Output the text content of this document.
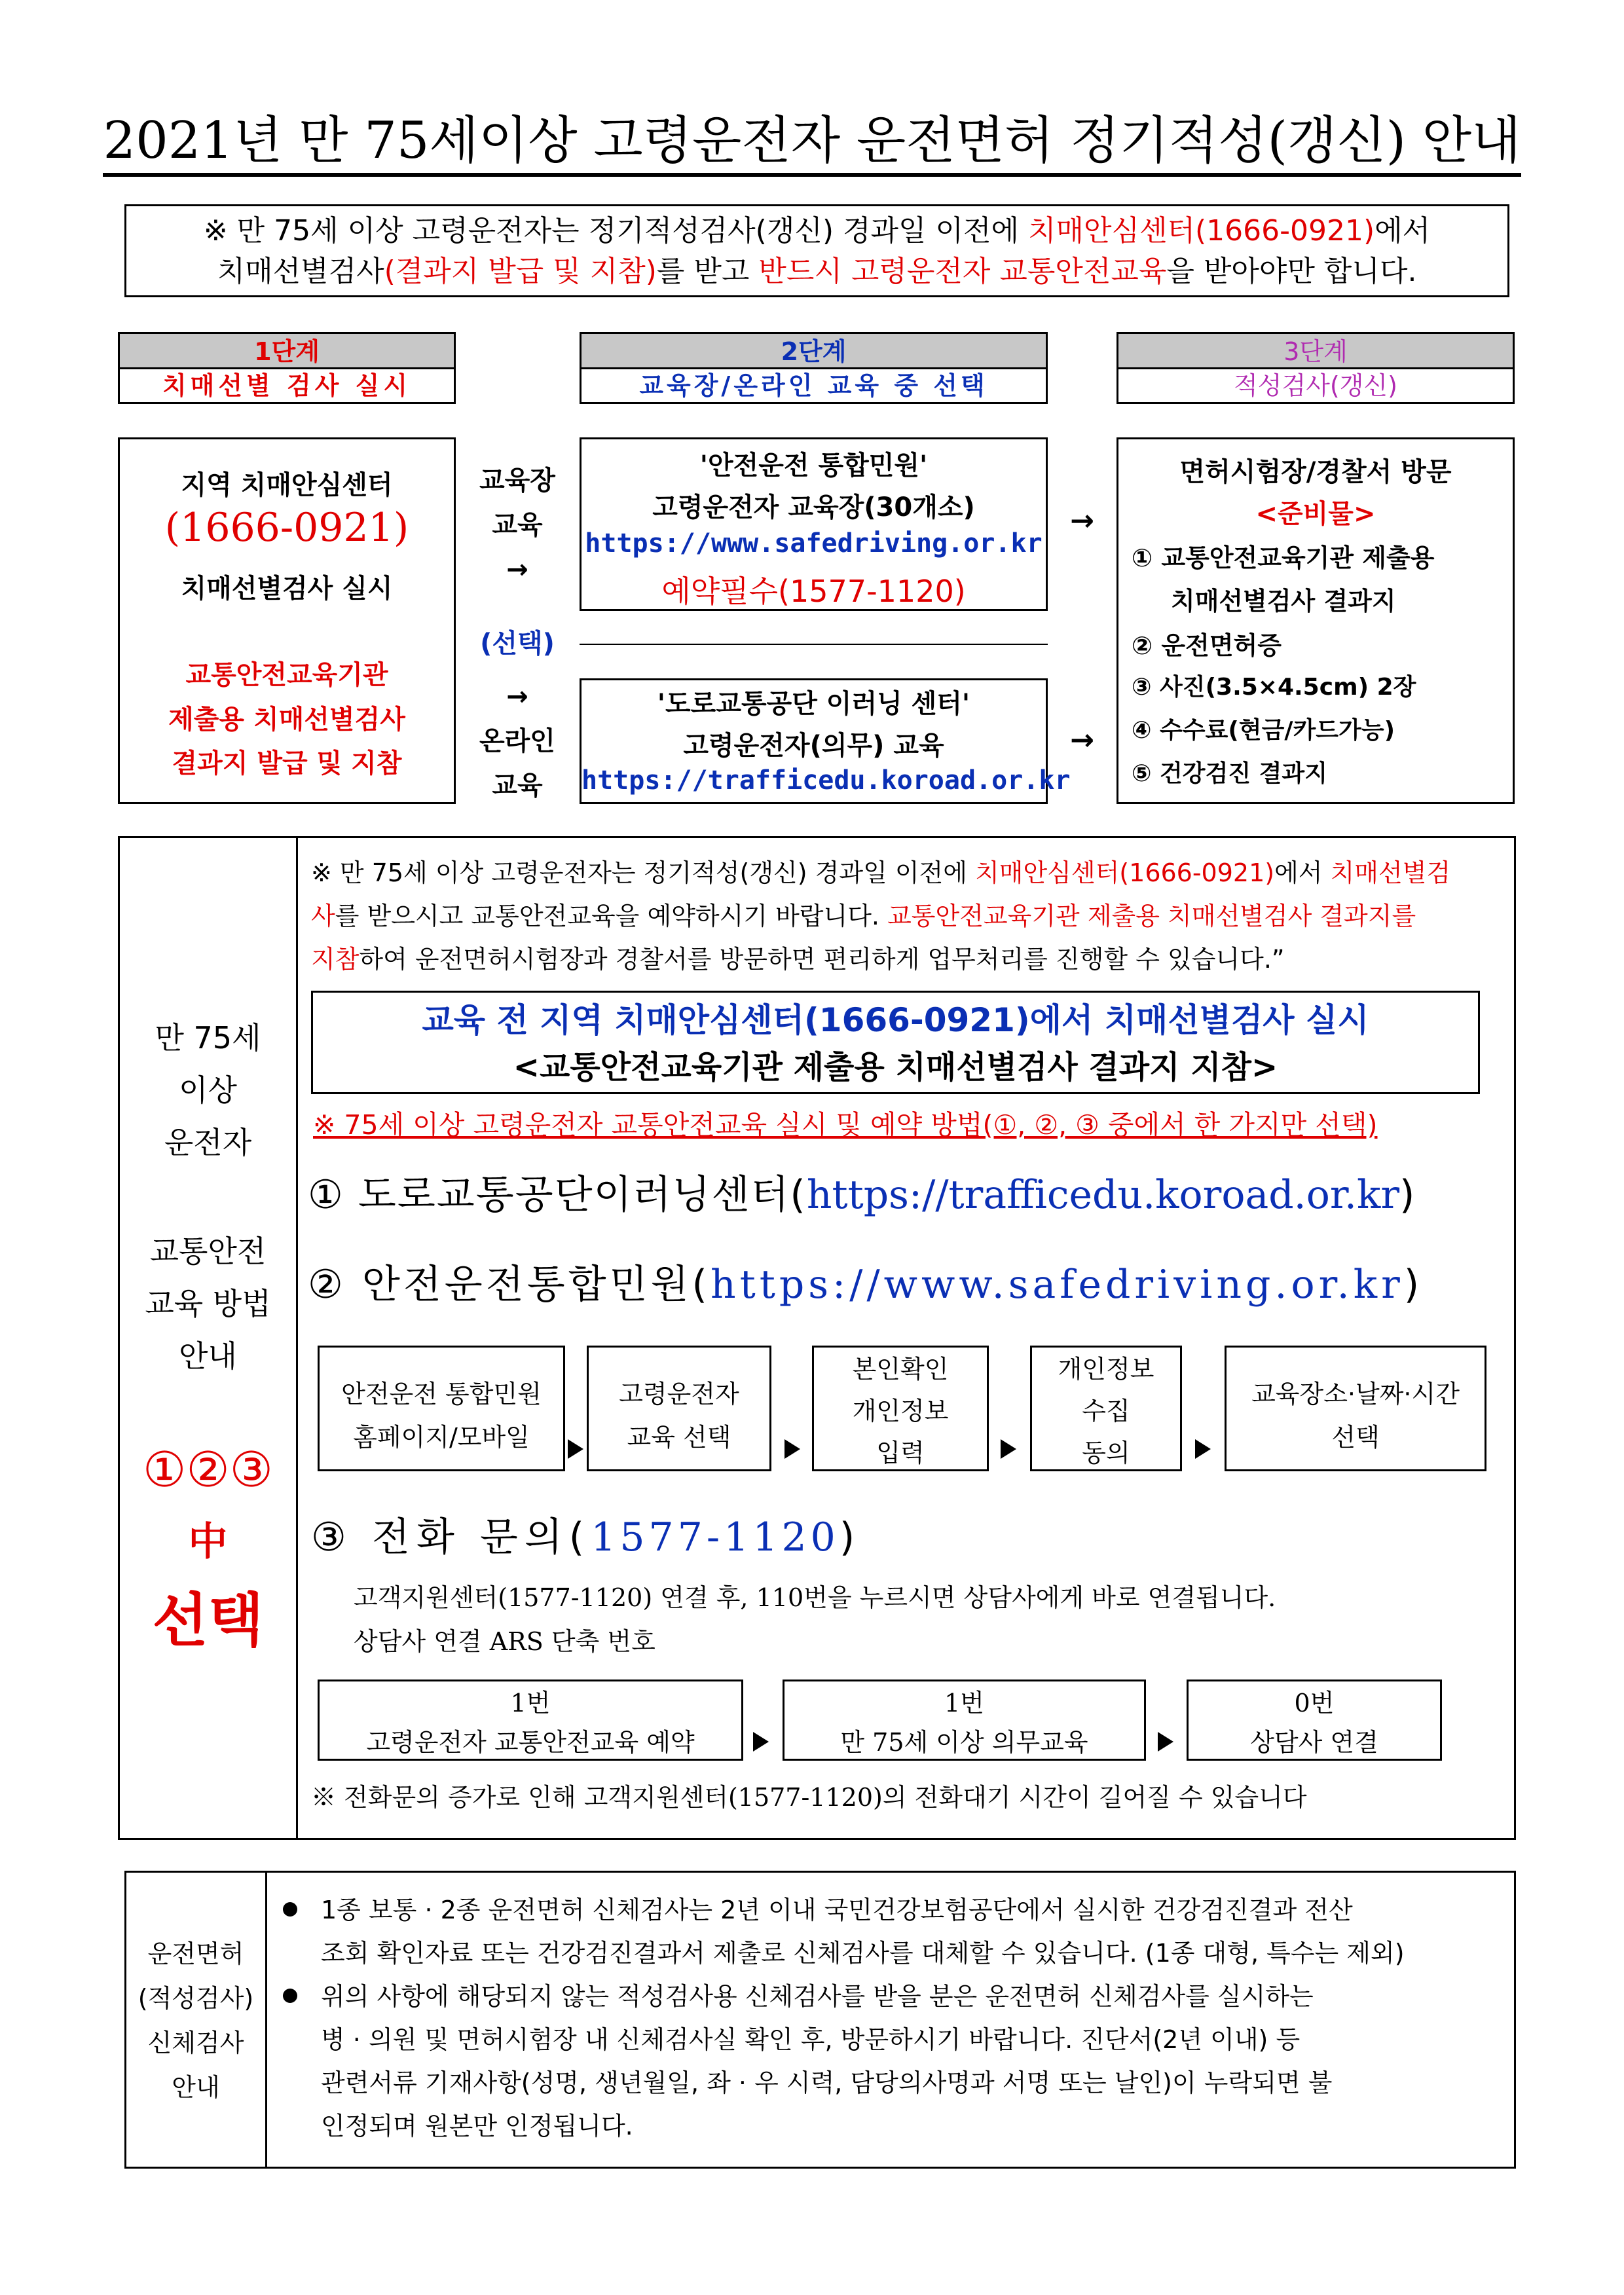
2021년 만 75세이상 고령운전자 운전면허 정기적성(갱신) 안내
※ 만 75세 이상 고령운전자는 정기적성검사(갱신) 경과일 이전에 치매안심센터(1666-0921)에서
치매선별검사(결과지 발급 및 지참)를 받고 반드시 고령운전자 교통안전교육을 받아야만 합니다.
1단계
치매선별 검사 실시
2단계
교육장/온라인 교육 중 선택
3단계
적성검사(갱신)
지역 치매안심센터
(1666-0921)
치매선별검사 실시
교통안전교육기관
제출용 치매선별검사
결과지 발급 및 지참
교육장
교육
→
(선택)
→
온라인
교육
'안전운전 통합민원'
고령운전자 교육장(30개소)
https://www.safedriving.or.kr
예약필수(1577-1120)
'도로교통공단 이러닝 센터'
고령운전자(의무) 교육
https://trafficedu.koroad.or.kr
→
→
면허시험장/경찰서 방문
<준비물>
① 교통안전교육기관 제출용
치매선별검사 결과지
② 운전면허증
③ 사진(3.5×4.5cm) 2장
④ 수수료(현금/카드가능)
⑤ 건강검진 결과지
만 75세
이상
운전자
교통안전
교육 방법
안내
①②③
中
선택
※ 만 75세 이상 고령운전자는 정기적성(갱신) 경과일 이전에 치매안심센터(1666-0921)에서 치매선별검
사를 받으시고 교통안전교육을 예약하시기 바랍니다. 교통안전교육기관 제출용 치매선별검사 결과지를
지참하여 운전면허시험장과 경찰서를 방문하면 편리하게 업무처리를 진행할 수 있습니다.”
교육 전 지역 치매안심센터(1666-0921)에서 치매선별검사 실시
<교통안전교육기관 제출용 치매선별검사 결과지 지참>
※ 75세 이상 고령운전자 교통안전교육 실시 및 예약 방법(①, ②, ③ 중에서 한 가지만 선택)
① 도로교통공단이러닝센터(https://trafficedu.koroad.or.kr)
② 안전운전통합민원(https://www.safedriving.or.kr)
안전운전 통합민원
홈페이지/모바일
고령운전자
교육 선택
본인확인
개인정보
입력
개인정보
수집
동의
교육장소·날짜·시간
선택
③ 전화 문의(1577-1120)
고객지원센터(1577-1120) 연결 후, 110번을 누르시면 상담사에게 바로 연결됩니다.
상담사 연결 ARS 단축 번호
1번
고령운전자 교통안전교육 예약
1번
만 75세 이상 의무교육
0번
상담사 연결
※ 전화문의 증가로 인해 고객지원센터(1577-1120)의 전화대기 시간이 길어질 수 있습니다
운전면허
(적성검사)
신체검사
안내
1종 보통 · 2종 운전면허 신체검사는 2년 이내 국민건강보험공단에서 실시한 건강검진결과 전산
조회 확인자료 또는 건강검진결과서 제출로 신체검사를 대체할 수 있습니다. (1종 대형, 특수는 제외)
위의 사항에 해당되지 않는 적성검사용 신체검사를 받을 분은 운전면허 신체검사를 실시하는
병 · 의원 및 면허시험장 내 신체검사실 확인 후, 방문하시기 바랍니다. 진단서(2년 이내) 등
관련서류 기재사항(성명, 생년월일, 좌 · 우 시력, 담당의사명과 서명 또는 날인)이 누락되면 불
인정되며 원본만 인정됩니다.
